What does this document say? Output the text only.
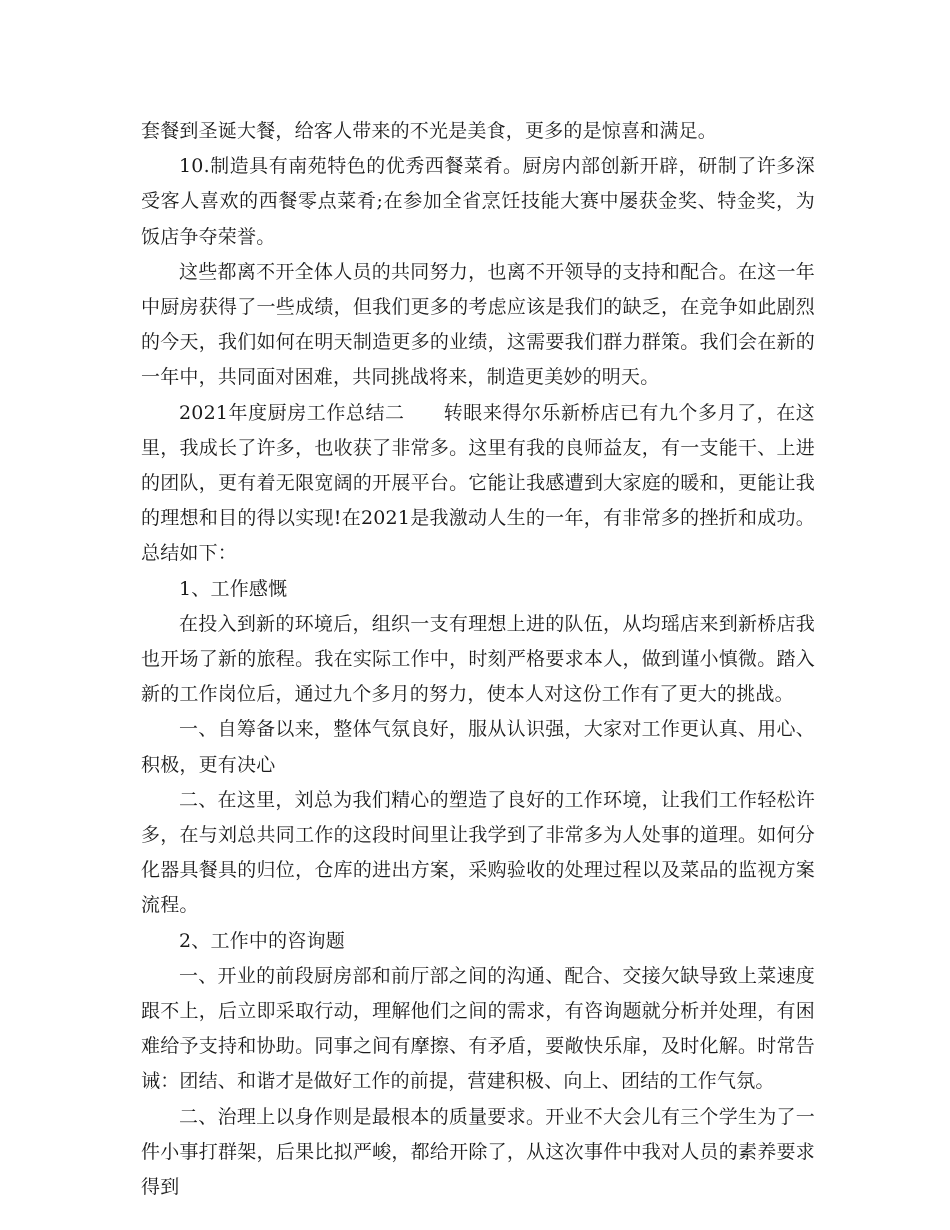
套餐到圣诞大餐，给客人带来的不光是美食，更多的是惊喜和满足。

10.制造具有南苑特色的优秀西餐菜肴。厨房内部创新开辟，研制了许多深受客人喜欢的西餐零点菜肴;在参加全省烹饪技能大赛中屡获金奖、特金奖，为饭店争夺荣誉。

这些都离不开全体人员的共同努力，也离不开领导的支持和配合。在这一年中厨房获得了一些成绩，但我们更多的考虑应该是我们的缺乏，在竞争如此剧烈的今天，我们如何在明天制造更多的业绩，这需要我们群力群策。我们会在新的一年中，共同面对困难，共同挑战将来，制造更美妙的明天。

2021年度厨房工作总结二　　转眼来得尔乐新桥店已有九个多月了，在这里，我成长了许多，也收获了非常多。这里有我的良师益友，有一支能干、上进的团队，更有着无限宽阔的开展平台。它能让我感遭到大家庭的暖和，更能让我的理想和目的得以实现!在2021是我激动人生的一年，有非常多的挫折和成功。总结如下：

1、工作感慨

在投入到新的环境后，组织一支有理想上进的队伍，从均瑶店来到新桥店我也开场了新的旅程。我在实际工作中，时刻严格要求本人，做到谨小慎微。踏入新的工作岗位后，通过九个多月的努力，使本人对这份工作有了更大的挑战。

一、自筹备以来，整体气氛良好，服从认识强，大家对工作更认真、用心、积极，更有决心

二、在这里，刘总为我们精心的塑造了良好的工作环境，让我们工作轻松许多，在与刘总共同工作的这段时间里让我学到了非常多为人处事的道理。如何分化器具餐具的归位，仓库的进出方案，采购验收的处理过程以及菜品的监视方案流程。

2、工作中的咨询题

一、开业的前段厨房部和前厅部之间的沟通、配合、交接欠缺导致上菜速度跟不上，后立即采取行动，理解他们之间的需求，有咨询题就分析并处理，有困难给予支持和协助。同事之间有摩擦、有矛盾，要敞快乐扉，及时化解。时常告诫：团结、和谐才是做好工作的前提，营建积极、向上、团结的工作气氛。

二、治理上以身作则是最根本的质量要求。开业不大会儿有三个学生为了一件小事打群架，后果比拟严峻，都给开除了，从这次事件中我对人员的素养要求得到
